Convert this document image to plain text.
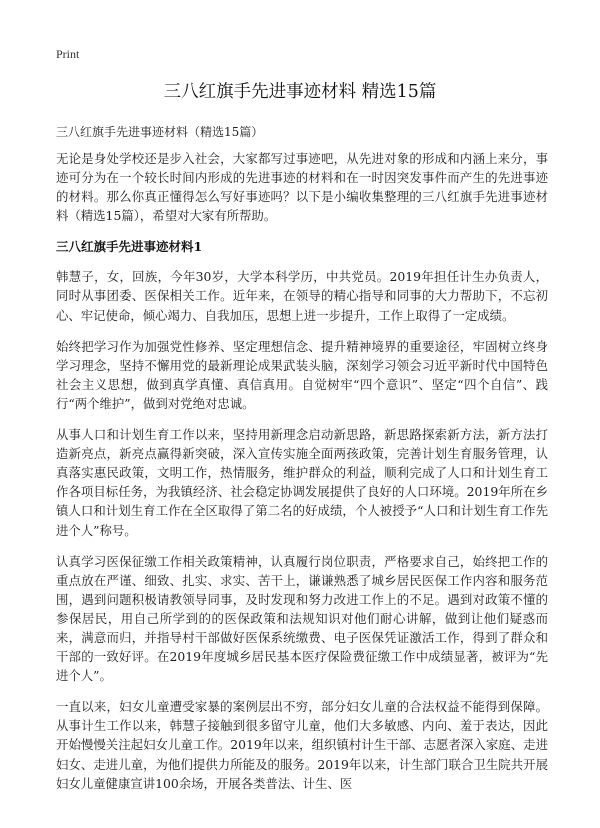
Print
三八红旗手先进事迹材料 精选15篇
三八红旗手先进事迹材料（精选15篇）

无论是身处学校还是步入社会，大家都写过事迹吧，从先进对象的形成和内涵上来分，事迹可分为在一个较长时间内形成的先进事迹的材料和在一时因突发事件而产生的先进事迹的材料。那么你真正懂得怎么写好事迹吗？以下是小编收集整理的三八红旗手先进事迹材料（精选15篇），希望对大家有所帮助。

三八红旗手先进事迹材料1

韩慧子，女，回族，今年30岁，大学本科学历，中共党员。2019年担任计生办负责人，同时从事团委、医保相关工作。近年来，在领导的精心指导和同事的大力帮助下，不忘初心、牢记使命，倾心竭力、自我加压，思想上进一步提升，工作上取得了一定成绩。

始终把学习作为加强党性修养、坚定理想信念、提升精神境界的重要途径，牢固树立终身学习理念，坚持不懈用党的最新理论成果武装头脑，深刻学习领会习近平新时代中国特色社会主义思想，做到真学真懂、真信真用。自觉树牢“四个意识”、坚定“四个自信”、践行“两个维护”，做到对党绝对忠诚。

从事人口和计划生育工作以来，坚持用新理念启动新思路，新思路探索新方法，新方法打造新亮点，新亮点赢得新突破，深入宣传实施全面两孩政策，完善计划生育服务管理，认真落实惠民政策，文明工作，热情服务，维护群众的利益，顺利完成了人口和计划生育工作各项目标任务，为我镇经济、社会稳定协调发展提供了良好的人口环境。2019年所在乡镇人口和计划生育工作在全区取得了第二名的好成绩，个人被授予“人口和计划生育工作先进个人”称号。

认真学习医保征缴工作相关政策精神，认真履行岗位职责，严格要求自己，始终把工作的重点放在严谨、细致、扎实、求实、苦干上，谦谦熟悉了城乡居民医保工作内容和服务范围，遇到问题积极请教领导同事，及时发现和努力改进工作上的不足。遇到对政策不懂的参保居民，用自己所学到的的医保政策和法规知识对他们耐心讲解，做到让他们疑惑而来，满意而归，并指导村干部做好医保系统缴费、电子医保凭证激活工作，得到了群众和干部的一致好评。在2019年度城乡居民基本医疗保险费征缴工作中成绩显著，被评为“先进个人”。

一直以来，妇女儿童遭受家暴的案例层出不穷，部分妇女儿童的合法权益不能得到保障。从事计生工作以来，韩慧子接触到很多留守儿童，他们大多敏感、内向、羞于表达，因此开始慢慢关注起妇女儿童工作。2019年以来，组织镇村计生干部、志愿者深入家庭、走进妇女、走进儿童，为他们提供力所能及的服务。2019年以来，计生部门联合卫生院共开展妇女儿童健康宣讲100余场，开展各类普法、计生、医
